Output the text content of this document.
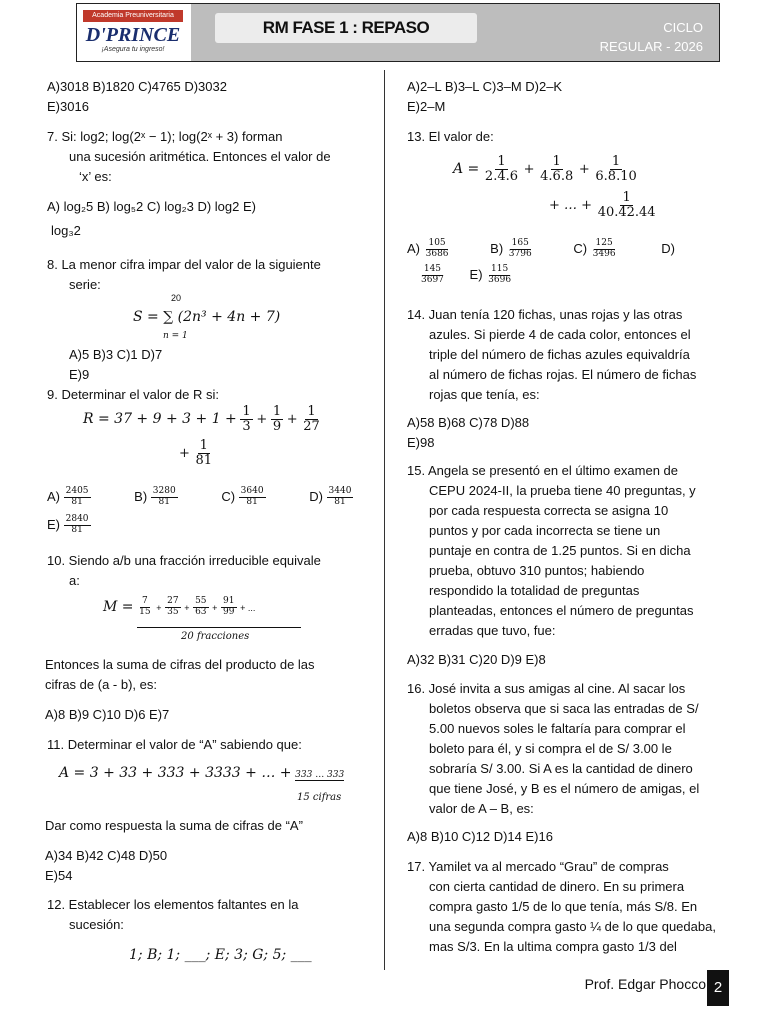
Academia Preuniversitaria
D'PRINCE
¡Asegura tu ingreso!
RM FASE 1 : REPASO	CICLO
REGULAR - 2026
A)3018 B)1820 C)4765 D)3032
E)3016
7. Si: log2; log(2ˣ − 1); log(2ˣ + 3) forman
una sucesión aritmética. Entonces el valor de
‘x’ es:
A) log₂5 B) log₅2 C) log₂3 D) log2 E)
log₃2
8. La menor cifra impar del valor de la siguiente
serie:
20
S = ∑ (2n³ + 4n + 7)
n = 1
A)5 B)3 C)1 D)7
E)9
9. Determinar el valor de R si:
$R = 37 + 9 + 3 + 1 + \frac{1}{3} + \frac{1}{9} + \frac{1}{27}$
+ $\frac{1}{81}$
$A) \frac{2405}{81}$	$B) \frac{3280}{81}$	$C) \frac{3640}{81}$	$D) \frac{3440}{81}$
$E) \frac{2840}{81}$
10. Siendo a/b una fracción irreducible equivale
a:
$M = \frac{7}{15} + \frac{27}{35} + \frac{55}{63} + \frac{91}{99}$ + ...
20 fracciones
Entonces la suma de cifras del producto de las
cifras de (a - b), es:
A)8 B)9 C)10 D)6 E)7
11. Determinar el valor de “A” sabiendo que:
A = 3 + 33 + 333 + 3333 + … + 333 … 333
15 cifras
Dar como respuesta la suma de cifras de “A”
A)34 B)42 C)48 D)50
E)54
12. Establecer los elementos faltantes en la
sucesión:
1; B; 1; ___; E; 3; G; 5; ___
A)2–L B)3–L C)3–M D)2–K
E)2–M
13. El valor de:
$A = \frac{1}{2.4.6} + \frac{1}{4.6.8} + \frac{1}{6.8.10}$
+ … + $\frac{1}{40.42.44}$
$A) \frac{105}{3686}$	$B) \frac{165}{3796}$	$C) \frac{125}{3496}$	D)
$\frac{145}{3697} E) \frac{115}{3696}$
14. Juan tenía 120 fichas, unas rojas y las otras
azules. Si pierde 4 de cada color, entonces el
triple del número de fichas azules equivaldría
al número de fichas rojas. El número de fichas
rojas que tenía, es:
A)58 B)68 C)78 D)88
E)98
15. Angela se presentó en el último examen de
CEPU 2024-II, la prueba tiene 40 preguntas, y
por cada respuesta correcta se asigna 10
puntos y por cada incorrecta se tiene un
puntaje en contra de 1.25 puntos. Si en dicha
prueba, obtuvo 310 puntos; habiendo
respondido la totalidad de preguntas
planteadas, entonces el número de preguntas
erradas que tuvo, fue:
A)32 B)31 C)20 D)9 E)8
16. José invita a sus amigas al cine. Al sacar los
boletos observa que si saca las entradas de S/
5.00 nuevos soles le faltaría para comprar el
boleto para él, y si compra el de S/ 3.00 le
sobraría S/ 3.00. Si A es la cantidad de dinero
que tiene José, y B es el número de amigas, el
valor de A – B, es:
A)8 B)10 C)12 D)14 E)16
17. Yamilet va al mercado “Grau” de compras
con cierta cantidad de dinero. En su primera
compra gasto 1/5 de lo que tenía, más S/8. En
una segunda compra gasto ¼ de lo que quedaba,
mas S/3. En la ultima compra gasto 1/3 del
Prof. Edgar Phocco 2
